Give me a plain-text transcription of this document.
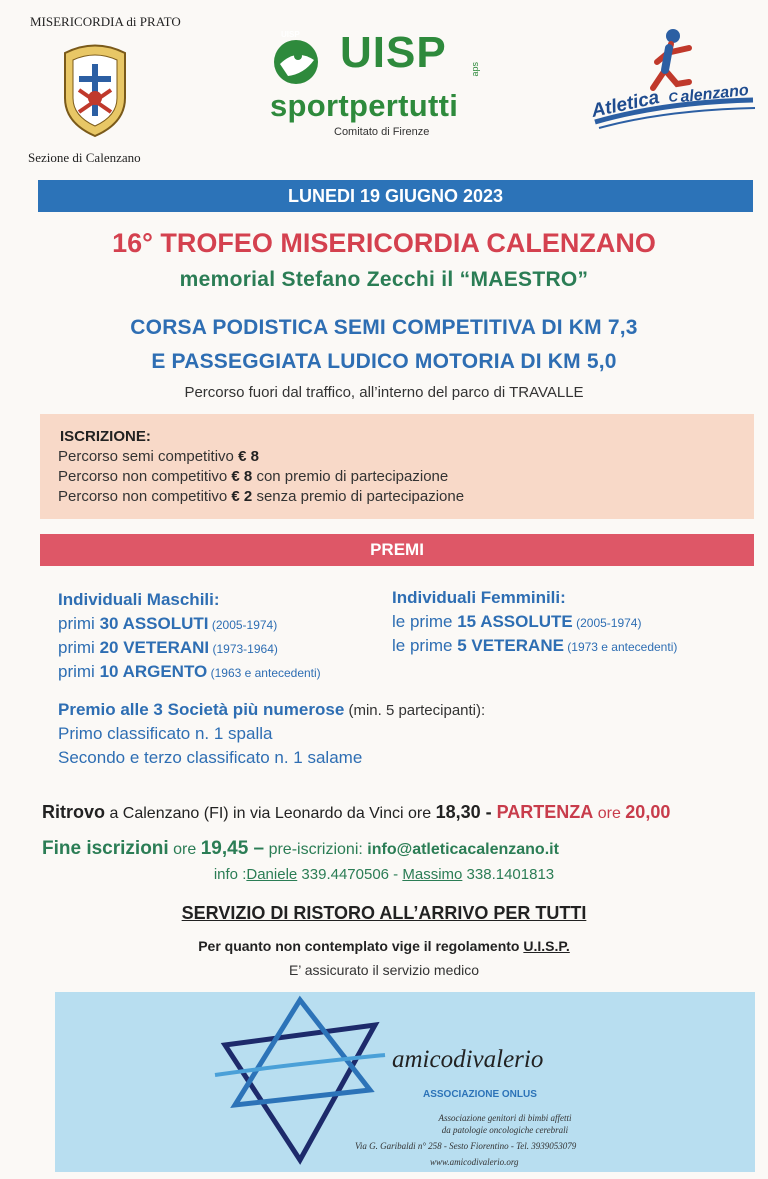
MISERICORDIA di PRATO
Sezione di Calenzano
UISP	aps
sportpertutti
Comitato di Firenze
UISP
Atletica C alenzano
LUNEDI 19 GIUGNO 2023
16° TROFEO MISERICORDIA CALENZANO
memorial Stefano Zecchi il “MAESTRO”
CORSA PODISTICA SEMI COMPETITIVA DI KM 7,3
E PASSEGGIATA LUDICO MOTORIA DI KM 5,0
Percorso fuori dal traffico, all’interno del parco di TRAVALLE
ISCRIZIONE:
Percorso semi competitivo € 8
Percorso non competitivo € 8 con premio di partecipazione
Percorso non competitivo € 2 senza premio di partecipazione
PREMI
Individuali Maschili:
primi 30 ASSOLUTI (2005-1974)
primi 20 VETERANI (1973-1964)
primi 10 ARGENTO (1963 e antecedenti)
Individuali Femminili:
le prime 15 ASSOLUTE (2005-1974)
le prime 5 VETERANE (1973 e antecedenti)
Premio alle 3 Società più numerose (min. 5 partecipanti):
Primo classificato n. 1 spalla
Secondo e terzo classificato n. 1 salame
Ritrovo a Calenzano (FI) in via Leonardo da Vinci ore 18,30 - PARTENZA ore 20,00
Fine iscrizioni ore 19,45 – pre-iscrizioni: info@atleticacalenzano.it
info :Daniele 339.4470506 - Massimo 338.1401813
SERVIZIO DI RISTORO ALL’ARRIVO PER TUTTI
Per quanto non contemplato vige il regolamento U.I.S.P.
E’ assicurato il servizio medico
amicodivalerio
ASSOCIAZIONE ONLUS
Associazione genitori di bimbi affetti
da patologie oncologiche cerebrali
Via G. Garibaldi n° 258 - Sesto Fiorentino - Tel. 3939053079
www.amicodivalerio.org
